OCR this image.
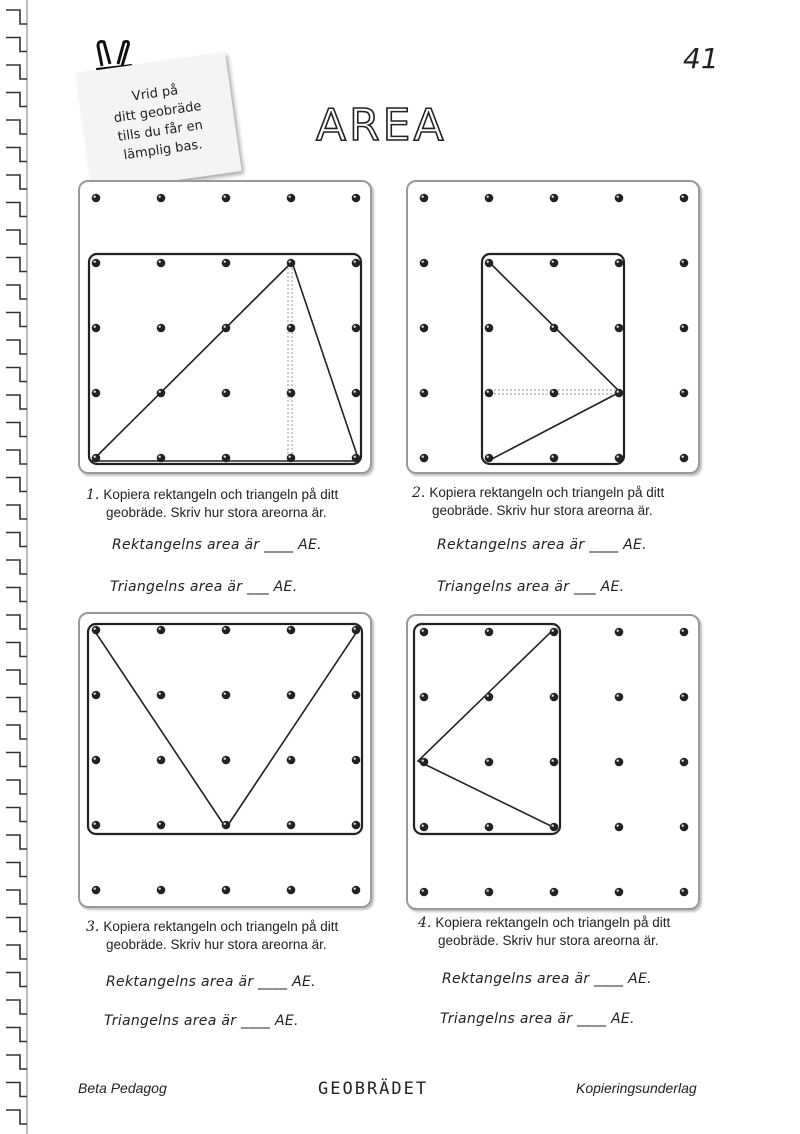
Vrid på
ditt geobräde
tills du får en
lämplig bas.
41
AREA
1. Kopiera rektangeln och triangeln på ditt
geobräde. Skriv hur stora areorna är.
Rektangelns area är ____ AE.
Triangelns area är ___ AE.
2. Kopiera rektangeln och triangeln på ditt
geobräde. Skriv hur stora areorna är.
Rektangelns area är ____ AE.
Triangelns area är ___ AE.
3. Kopiera rektangeln och triangeln på ditt
geobräde. Skriv hur stora areorna är.
Rektangelns area är ____ AE.
Triangelns area är ____ AE.
4. Kopiera rektangeln och triangeln på ditt
geobräde. Skriv hur stora areorna är.
Rektangelns area är ____ AE.
Triangelns area är ____ AE.
Beta Pedagog	GEOBRÄDET	Kopieringsunderlag
